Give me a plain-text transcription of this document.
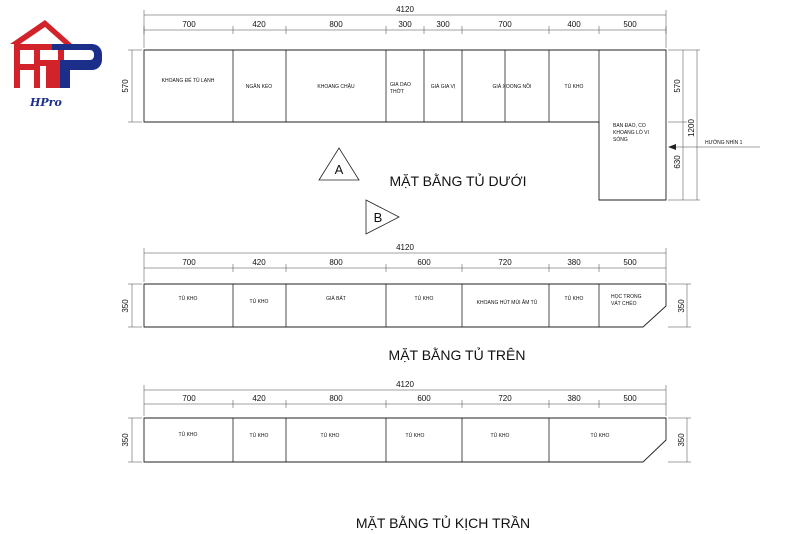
HPro
4120
700	420	800	300	300	700	400	500
KHOANG ĐỂ TỦ LẠNH
NGĂN KÉO	KHOANG CHẬU	GIÁ DAO THỚT
GIÁ GIA VỊ	GIÁ XOONG NỒI	TỦ KHO
BÀN ĐẢO, CÓ KHOANG LÒ VI SÓNG
570	570
1200
630
HƯỚNG NHÌN 1
A
MẶT BẰNG TỦ DƯỚI
B
4120
700	420	800	600	720	380	500
TỦ KHO	TỦ KHO	GIÁ BÁT	TỦ KHO
KHOANG HÚT MÙI ÂM TỦ
TỦ KHO	HỘC TRỐNG VÁT CHÉO
350	350
MẶT BẰNG TỦ TRÊN
4120
700	420	800	600	720	380	500
TỦ KHO	TỦ KHO	TỦ KHO	TỦ KHO	TỦ KHO	TỦ KHO
350	350
MẶT BẰNG TỦ KỊCH TRẦN
